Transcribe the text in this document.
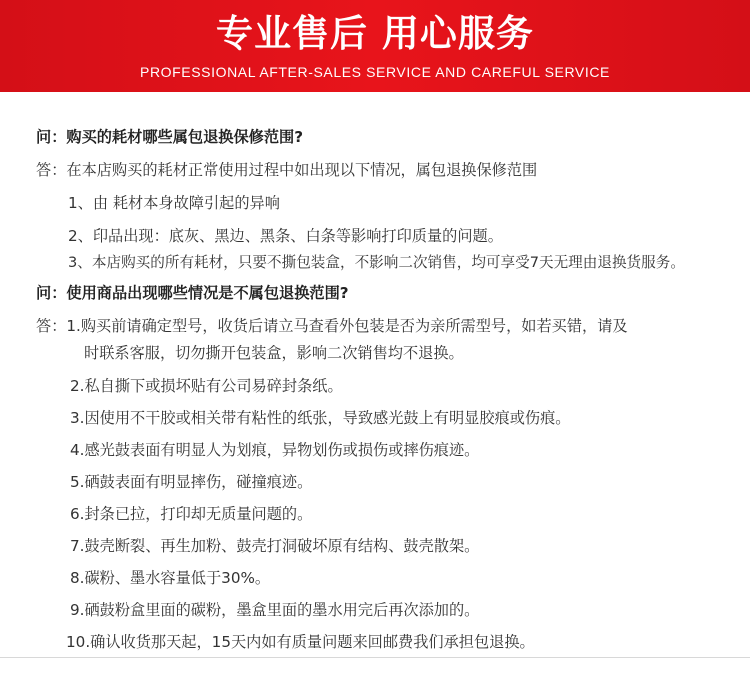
专业售后 用心服务
PROFESSIONAL AFTER-SALES SERVICE AND CAREFUL SERVICE
问：购买的耗材哪些属包退换保修范围?
答：在本店购买的耗材正常使用过程中如出现以下情况，属包退换保修范围
1、由 耗材本身故障引起的异响
2、印品出现：底灰、黑边、黑条、白条等影响打印质量的问题。
3、本店购买的所有耗材，只要不撕包装盒，不影响二次销售，均可享受7天无理由退换货服务。
问：使用商品出现哪些情况是不属包退换范围?
答：1.购买前请确定型号，收货后请立马查看外包装是否为亲所需型号，如若买错，请及
时联系客服，切勿撕开包装盒，影响二次销售均不退换。
2.私自撕下或损坏贴有公司易碎封条纸。
3.因使用不干胶或相关带有粘性的纸张，导致感光鼓上有明显胶痕或伤痕。
4.感光鼓表面有明显人为划痕，异物划伤或损伤或摔伤痕迹。
5.硒鼓表面有明显摔伤，碰撞痕迹。
6.封条已拉，打印却无质量问题的。
7.鼓壳断裂、再生加粉、鼓壳打洞破坏原有结构、鼓壳散架。
8.碳粉、墨水容量低于30%。
9.硒鼓粉盒里面的碳粉，墨盒里面的墨水用完后再次添加的。
10.确认收货那天起，15天内如有质量问题来回邮费我们承担包退换。
